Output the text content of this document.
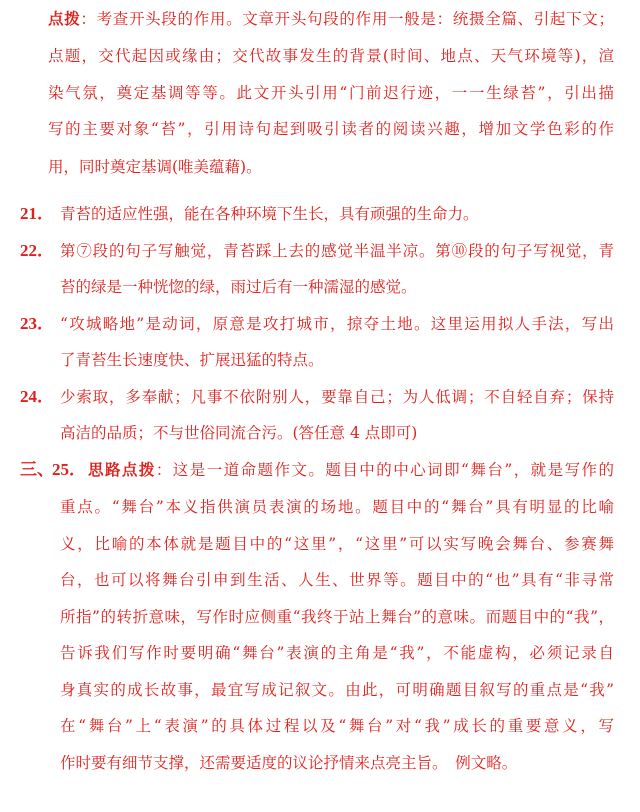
点拨：考查开头段的作用。文章开头句段的作用一般是：统摄全篇、引起下文；
点题，交代起因或缘由；交代故事发生的背景(时间、地点、天气环境等)，渲
染气氛，奠定基调等等。此文开头引用“门前迟行迹，一一生绿苔”，引出描
写的主要对象“苔”，引用诗句起到吸引读者的阅读兴趣，增加文学色彩的作
用，同时奠定基调(唯美蕴藉)。
21． 青苔的适应性强，能在各种环境下生长，具有顽强的生命力。
22． 第⑦段的句子写触觉，青苔踩上去的感觉半温半凉。第⑩段的句子写视觉，青
苔的绿是一种恍惚的绿，雨过后有一种濡湿的感觉。
23． “攻城略地”是动词，原意是攻打城市，掠夺土地。这里运用拟人手法，写出
了青苔生长速度快、扩展迅猛的特点。
24． 少索取，多奉献；凡事不依附别人，要靠自己；为人低调；不自轻自弃；保持
高洁的品质；不与世俗同流合污。(答任意 4 点即可)
三、
25． 思路点拨：这是一道命题作文。题目中的中心词即“舞台”，就是写作的
重点。“舞台”本义指供演员表演的场地。题目中的“舞台”具有明显的比喻
义，比喻的本体就是题目中的“这里”，“这里”可以实写晚会舞台、参赛舞
台，也可以将舞台引申到生活、人生、世界等。题目中的“也”具有“非寻常
所指”的转折意味，写作时应侧重“我终于站上舞台”的意味。而题目中的“我”，
告诉我们写作时要明确“舞台”表演的主角是“我”，不能虚构，必须记录自
身真实的成长故事，最宜写成记叙文。由此，可明确题目叙写的重点是“我”
在“舞台”上“表演”的具体过程以及“舞台”对“我”成长的重要意义，写
作时要有细节支撑，还需要适度的议论抒情来点亮主旨。　例文略。
